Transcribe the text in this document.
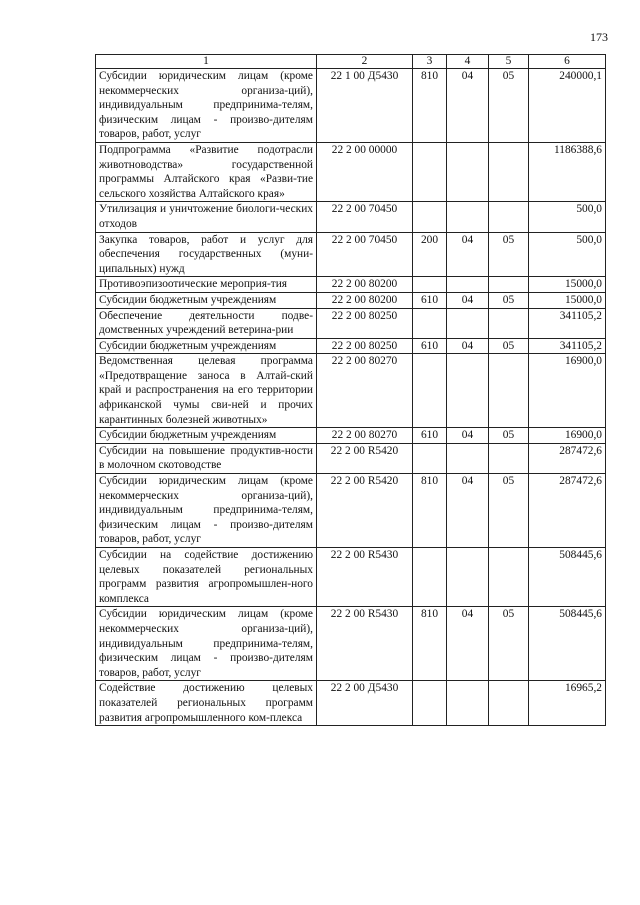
173
1	2	3	4	5	6
Субсидии юридическим лицам (кроме некоммерческих организа-ций), индивидуальным предпринима-телям, физическим лицам - произво-дителям товаров, работ, услуг	22 1 00 Д5430	810	04	05	240000,1
Подпрограмма «Развитие подотрасли животноводства» государственной программы Алтайского края «Разви-тие сельского хозяйства Алтайского края»	22 2 00 00000				1186388,6
Утилизация и уничтожение биологи-ческих отходов	22 2 00 70450				500,0
Закупка товаров, работ и услуг для обеспечения государственных (муни-ципальных) нужд	22 2 00 70450	200	04	05	500,0
Противоэпизоотические мероприя-тия	22 2 00 80200				15000,0
Субсидии бюджетным учреждениям	22 2 00 80200	610	04	05	15000,0
Обеспечение деятельности подве-домственных учреждений ветерина-рии	22 2 00 80250				341105,2
Субсидии бюджетным учреждениям	22 2 00 80250	610	04	05	341105,2
Ведомственная целевая программа «Предотвращение заноса в Алтай-ский край и распространения на его территории африканской чумы сви-ней и прочих карантинных болезней животных»	22 2 00 80270				16900,0
Субсидии бюджетным учреждениям	22 2 00 80270	610	04	05	16900,0
Субсидии на повышение продуктив-ности в молочном скотоводстве	22 2 00 R5420				287472,6
Субсидии юридическим лицам (кроме некоммерческих организа-ций), индивидуальным предпринима-телям, физическим лицам - произво-дителям товаров, работ, услуг	22 2 00 R5420	810	04	05	287472,6
Субсидии на содействие достижению целевых показателей региональных программ развития агропромышлен-ного комплекса	22 2 00 R5430				508445,6
Субсидии юридическим лицам (кроме некоммерческих организа-ций), индивидуальным предпринима-телям, физическим лицам - произво-дителям товаров, работ, услуг	22 2 00 R5430	810	04	05	508445,6
Содействие достижению целевых показателей региональных программ развития агропромышленного ком-плекса	22 2 00 Д5430				16965,2
